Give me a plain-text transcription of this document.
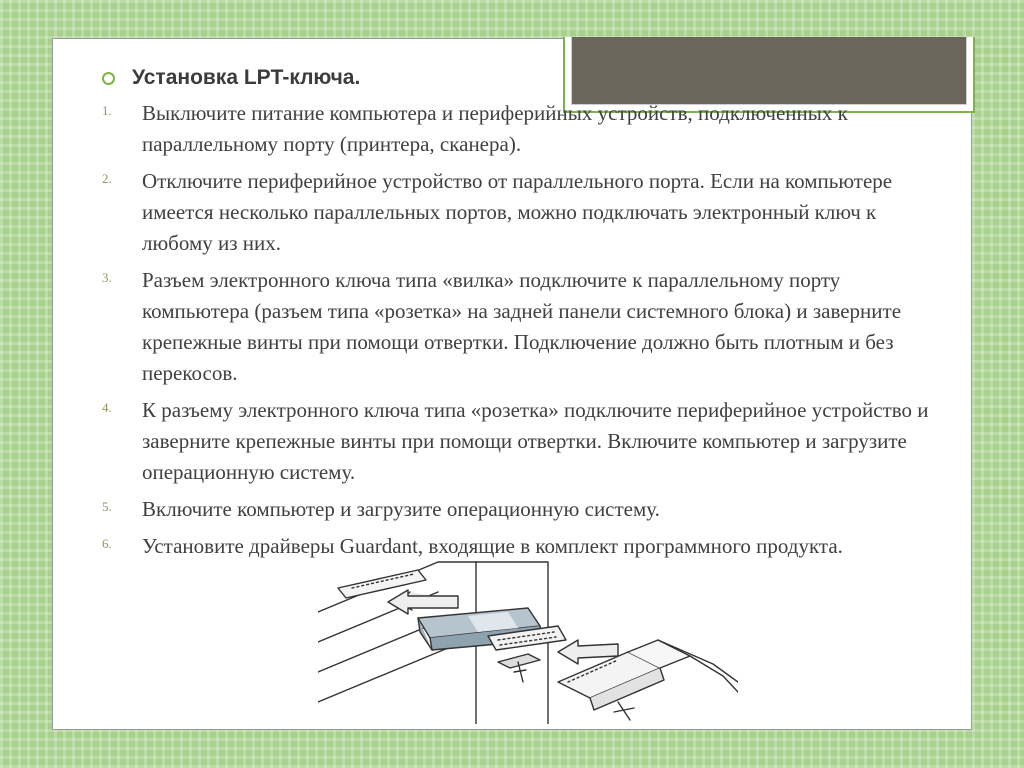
Установка LPT-ключа.
1.	Выключите питание компьютера и периферийных устройств, подключенных к параллельному порту (принтера, сканера).
2.	Отключите периферийное устройство от параллельного порта. Если на компьютере имеется несколько параллельных портов, можно подключать электронный ключ к любому из них.
3.	Разъем электронного ключа типа «вилка» подключите к параллельному порту компьютера (разъем типа «розетка» на задней панели системного блока) и заверните крепежные винты при помощи отвертки. Подключение должно быть плотным и без перекосов.
4.	К разъему электронного ключа типа «розетка» подключите периферийное устройство и заверните крепежные винты при помощи отвертки. Включите компьютер и загрузите операционную систему.
5.	Включите компьютер и загрузите операционную систему.
6.	Установите драйверы Guardant, входящие в комплект программного продукта.
